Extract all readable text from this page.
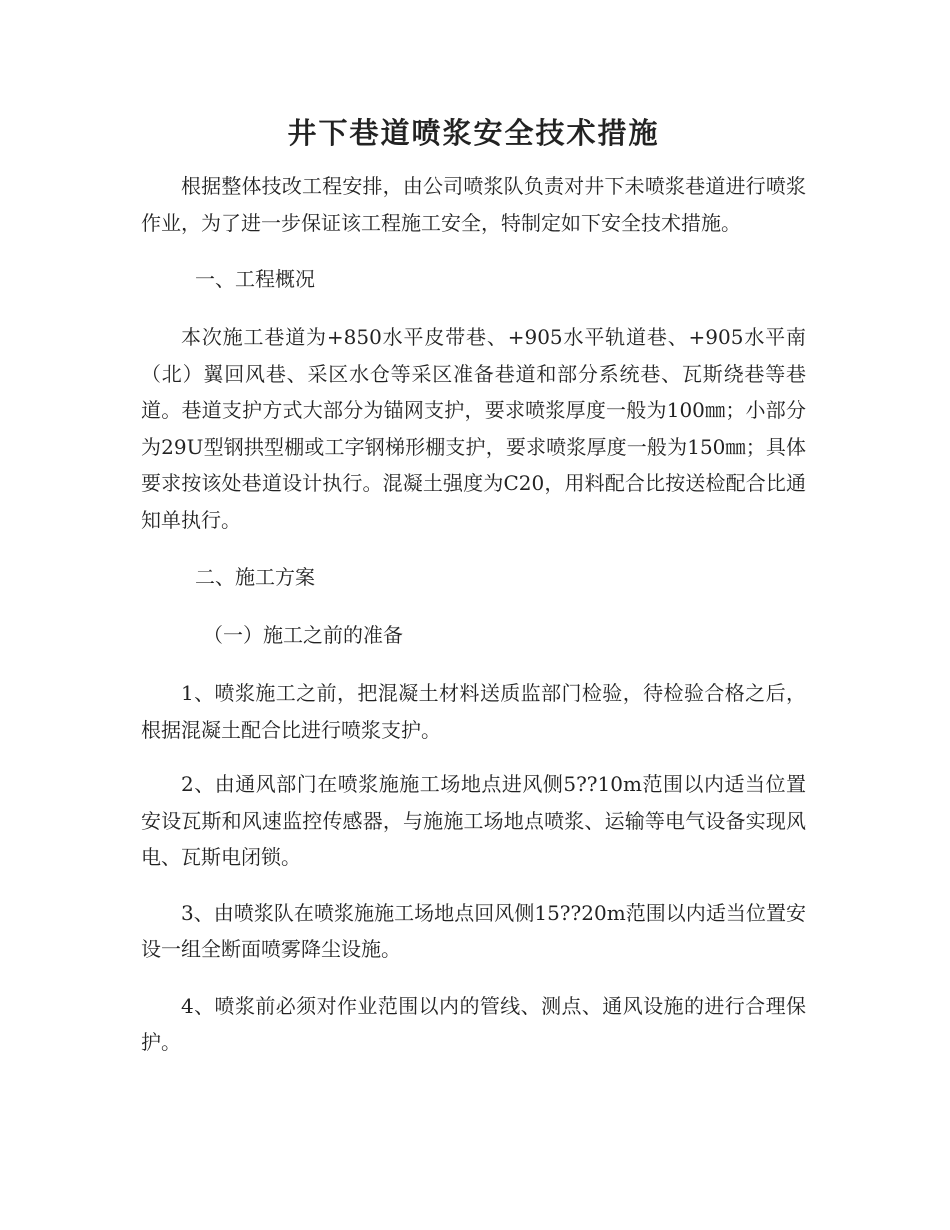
井下巷道喷浆安全技术措施

根据整体技改工程安排，由公司喷浆队负责对井下未喷浆巷道进行喷浆作业，为了进一步保证该工程施工安全，特制定如下安全技术措施。

一、工程概况

本次施工巷道为+850水平皮带巷、+905水平轨道巷、+905水平南（北）翼回风巷、采区水仓等采区准备巷道和部分系统巷、瓦斯绕巷等巷道。巷道支护方式大部分为锚网支护，要求喷浆厚度一般为100㎜；小部分为29U型钢拱型棚或工字钢梯形棚支护，要求喷浆厚度一般为150㎜；具体要求按该处巷道设计执行。混凝土强度为C20，用料配合比按送检配合比通知单执行。

二、施工方案

（一）施工之前的准备

1、喷浆施工之前，把混凝土材料送质监部门检验，待检验合格之后，根据混凝土配合比进行喷浆支护。

2、由通风部门在喷浆施施工场地点进风侧5??10m范围以内适当位置安设瓦斯和风速监控传感器，与施施工场地点喷浆、运输等电气设备实现风电、瓦斯电闭锁。

3、由喷浆队在喷浆施施工场地点回风侧15??20m范围以内适当位置安设一组全断面喷雾降尘设施。

4、喷浆前必须对作业范围以内的管线、测点、通风设施的进行合理保护。
